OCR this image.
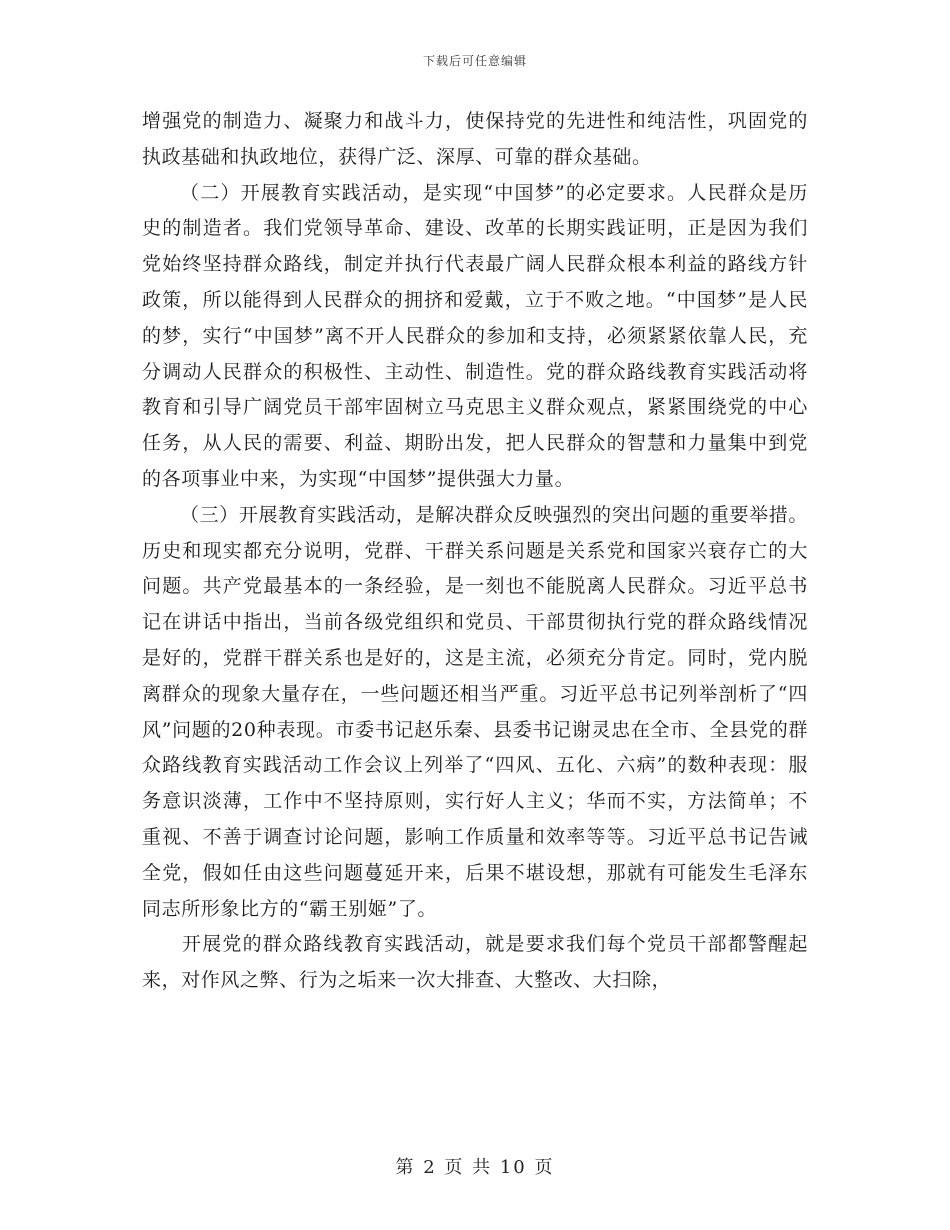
下载后可任意编辑

增强党的制造力、凝聚力和战斗力，使保持党的先进性和纯洁性，巩固党的执政基础和执政地位，获得广泛、深厚、可靠的群众基础。

（二）开展教育实践活动，是实现“中国梦”的必定要求。人民群众是历史的制造者。我们党领导革命、建设、改革的长期实践证明，正是因为我们党始终坚持群众路线，制定并执行代表最广阔人民群众根本利益的路线方针政策，所以能得到人民群众的拥挤和爱戴，立于不败之地。“中国梦”是人民的梦，实行“中国梦”离不开人民群众的参加和支持，必须紧紧依靠人民，充分调动人民群众的积极性、主动性、制造性。党的群众路线教育实践活动将教育和引导广阔党员干部牢固树立马克思主义群众观点，紧紧围绕党的中心任务，从人民的需要、利益、期盼出发，把人民群众的智慧和力量集中到党的各项事业中来，为实现“中国梦”提供强大力量。

（三）开展教育实践活动，是解决群众反映强烈的突出问题的重要举措。历史和现实都充分说明，党群、干群关系问题是关系党和国家兴衰存亡的大问题。共产党最基本的一条经验，是一刻也不能脱离人民群众。习近平总书记在讲话中指出，当前各级党组织和党员、干部贯彻执行党的群众路线情况是好的，党群干群关系也是好的，这是主流，必须充分肯定。同时，党内脱离群众的现象大量存在，一些问题还相当严重。习近平总书记列举剖析了“四风”问题的20种表现。市委书记赵乐秦、县委书记谢灵忠在全市、全县党的群众路线教育实践活动工作会议上列举了“四风、五化、六病”的数种表现：服务意识淡薄，工作中不坚持原则，实行好人主义；华而不实，方法简单；不重视、不善于调查讨论问题，影响工作质量和效率等等。习近平总书记告诫全党，假如任由这些问题蔓延开来，后果不堪设想，那就有可能发生毛泽东同志所形象比方的“霸王别姬”了。

开展党的群众路线教育实践活动，就是要求我们每个党员干部都警醒起来，对作风之弊、行为之垢来一次大排查、大整改、大扫除，

第 2 页 共 10 页
